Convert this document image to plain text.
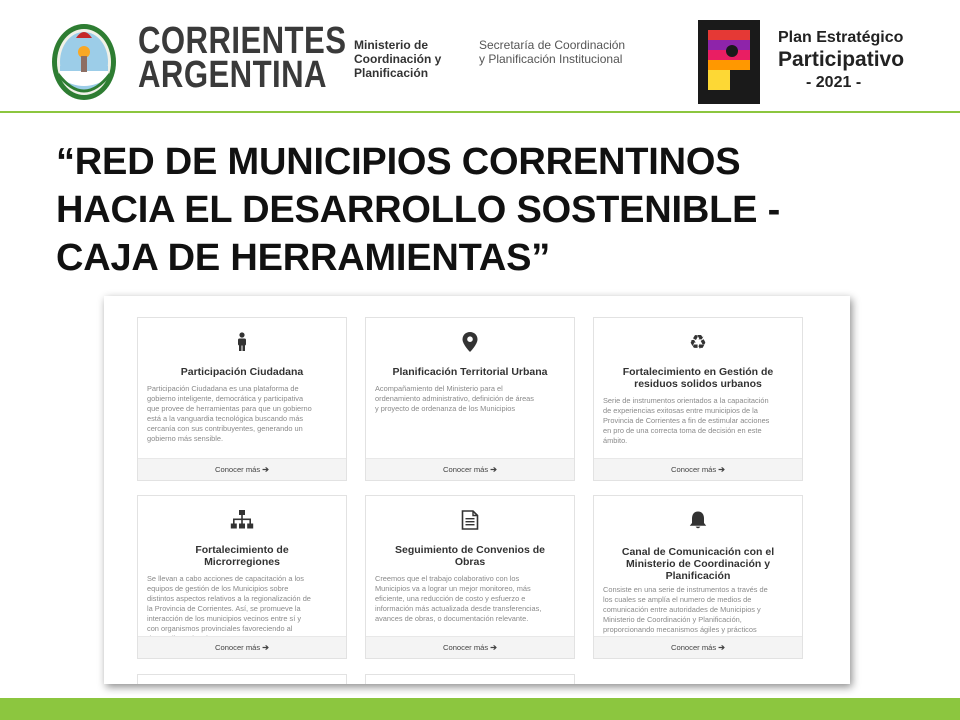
CORRIENTES
ARGENTINA
Ministerio de
Coordinación y
Planificación
Secretaría de Coordinación
y Planificación Institucional
Plan Estratégico
Participativo
- 2021 -
“RED DE MUNICIPIOS CORRENTINOS
HACIA EL DESARROLLO SOSTENIBLE -
CAJA DE HERRAMIENTAS”
Participación Ciudadana
Participación Ciudadana es una plataforma de
gobierno inteligente, democrática y participativa
que provee de herramientas para que un gobierno
está a la vanguardia tecnológica buscando más
cercanía con sus contribuyentes, generando un
gobierno más sensible.
Conocer más ➔
Planificación Territorial Urbana
Acompañamiento del Ministerio para el
ordenamiento administrativo, definición de áreas
y proyecto de ordenanza de los Municipios
Conocer más ➔
♻
Fortalecimiento en Gestión de
residuos solidos urbanos
Serie de instrumentos orientados a la capacitación
de experiencias exitosas entre municipios de la
Provincia de Corrientes a fin de estimular acciones
en pro de una correcta toma de decisión en este
ámbito.
Conocer más ➔
Fortalecimiento de
Microrregiones
Se llevan a cabo acciones de capacitación a los
equipos de gestión de los Municipios sobre
distintos aspectos relativos a la regionalización de
la Provincia de Corrientes. Así, se promueve la
interacción de los municipios vecinos entre sí y
con organismos provinciales favoreciendo al
Conocer más ➔
Seguimiento de Convenios de
Obras
Creemos que el trabajo colaborativo con los
Municipios va a lograr un mejor monitoreo, más
eficiente, una reducción de costo y esfuerzo e
información más actualizada desde transferencias,
avances de obras, o documentación relevante.
Conocer más ➔
Canal de Comunicación con el
Ministerio de Coordinación y
Planificación
Consiste en una serie de instrumentos a través de
los cuales se amplía el numero de medios de
comunicación entre autoridades de Municipios y
Ministerio de Coordinación y Planificación,
proporcionando mecanismos ágiles y prácticos
Conocer más ➔
